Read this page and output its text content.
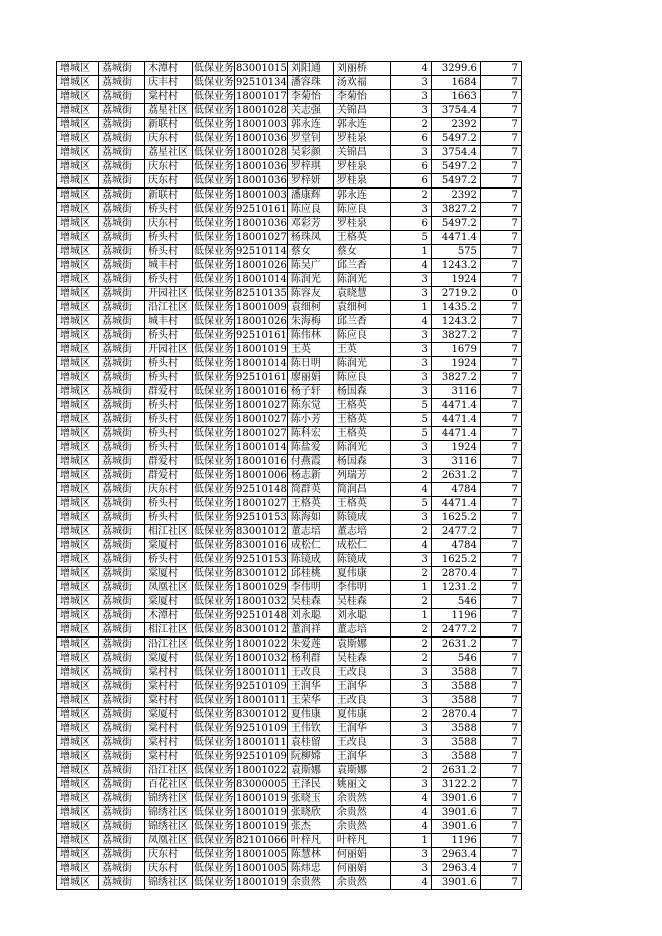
增城区	荔城街	木潭村	低保业务	83001015	刘阳通	刘丽桥	4	3299.6	7
增城区	荔城街	庆丰村	低保业务	92510134	潘容珠	汤欢福	3	1684	7
增城区	荔城街	棠村村	低保业务	18001017	李菊怡	李菊怡	3	1663	7
增城区	荔城街	荔星社区	低保业务	18001028	关志强	关锦昌	3	3754.4	7
增城区	荔城街	新联村	低保业务	18001003	郭永连	郭永连	2	2392	7
增城区	荔城街	庆东村	低保业务	18001036	罗堂钊	罗桂泉	6	5497.2	7
增城区	荔城街	荔星社区	低保业务	18001028	吴彩颜	关锦昌	3	3754.4	7
增城区	荔城街	庆东村	低保业务	18001036	罗梓琪	罗桂泉	6	5497.2	7
增城区	荔城街	庆东村	低保业务	18001036	罗梓妍	罗桂泉	6	5497.2	7
增城区	荔城街	新联村	低保业务	18001003	潘康辉	郭永连	2	2392	7
增城区	荔城街	桥头村	低保业务	92510161	陈应良	陈应良	3	3827.2	7
增城区	荔城街	庆东村	低保业务	18001036	邓彩芳	罗桂泉	6	5497.2	7
增城区	荔城街	桥头村	低保业务	18001027	杨珠凤	王格英	5	4471.4	7
增城区	荔城街	桥头村	低保业务	92510114	蔡女	蔡女	1	575	7
增城区	荔城街	城丰村	低保业务	18001026	陈吴广	邱兰香	4	1243.2	7
增城区	荔城街	桥头村	低保业务	18001014	陈润光	陈润光	3	1924	7
增城区	荔城街	开园社区	低保业务	82510135	陈容友	袁晓慧	3	2719.2	0
增城区	荔城街	沿江社区	低保业务	18001009	袁细柯	袁细柯	1	1435.2	7
增城区	荔城街	城丰村	低保业务	18001026	朱海梅	邱兰香	4	1243.2	7
增城区	荔城街	桥头村	低保业务	92510161	陈伟林	陈应良	3	3827.2	7
增城区	荔城街	开园社区	低保业务	18001019	王英	王英	3	1679	7
增城区	荔城街	桥头村	低保业务	18001014	陈日明	陈润光	3	1924	7
增城区	荔城街	桥头村	低保业务	92510161	廖丽娟	陈应良	3	3827.2	7
增城区	荔城街	群爱村	低保业务	18001016	杨子轩	杨国森	3	3116	7
增城区	荔城街	桥头村	低保业务	18001027	陈东觉	王格英	5	4471.4	7
增城区	荔城街	桥头村	低保业务	18001027	陈小芳	王格英	5	4471.4	7
增城区	荔城街	桥头村	低保业务	18001027	陈科宏	王格英	5	4471.4	7
增城区	荔城街	桥头村	低保业务	18001014	陈盐爱	陈润光	3	1924	7
增城区	荔城街	群爱村	低保业务	18001016	付燕霞	杨国森	3	3116	7
增城区	荔城街	群爱村	低保业务	18001006	杨志新	列瑞芳	2	2631.2	7
增城区	荔城街	庆东村	低保业务	92510148	简群英	简润昌	4	4784	7
增城区	荔城街	桥头村	低保业务	18001027	王格英	王格英	5	4471.4	7
增城区	荔城街	桥头村	低保业务	92510153	陈海如	陈镜成	3	1625.2	7
增城区	荔城街	相江社区	低保业务	83001012	董志培	董志培	2	2477.2	7
增城区	荔城街	棠厦村	低保业务	83001016	成松仁	成松仁	4	4784	7
增城区	荔城街	桥头村	低保业务	92510153	陈镜成	陈镜成	3	1625.2	7
增城区	荔城街	棠厦村	低保业务	83001012	邱桂桃	夏伟康	2	2870.4	7
增城区	荔城街	凤凰社区	低保业务	18001029	李伟明	李伟明	1	1231.2	7
增城区	荔城街	棠厦村	低保业务	18001032	吴桂森	吴桂森	2	546	7
增城区	荔城街	木潭村	低保业务	92510148	刘永聪	刘永聪	1	1196	7
增城区	荔城街	相江社区	低保业务	83001012	董润祥	董志培	2	2477.2	7
增城区	荔城街	沿江社区	低保业务	18001022	朱爱莲	袁斯娜	2	2631.2	7
增城区	荔城街	棠厦村	低保业务	18001032	杨利群	吴桂森	2	546	7
增城区	荔城街	棠村村	低保业务	18001011	王改良	王改良	3	3588	7
增城区	荔城街	棠村村	低保业务	92510109	王润华	王润华	3	3588	7
增城区	荔城街	棠村村	低保业务	18001011	王荣华	王改良	3	3588	7
增城区	荔城街	棠厦村	低保业务	83001012	夏伟康	夏伟康	2	2870.4	7
增城区	荔城街	棠村村	低保业务	92510109	王伟钦	王润华	3	3588	7
增城区	荔城街	棠村村	低保业务	18001011	袁桂留	王改良	3	3588	7
增城区	荔城街	棠村村	低保业务	92510109	阮柳嫦	王润华	3	3588	7
增城区	荔城街	沿江社区	低保业务	18001022	袁斯娜	袁斯娜	2	2631.2	7
增城区	荔城街	百花社区	低保业务	83000005	王泽民	姚丽文	3	3122.2	7
增城区	荔城街	锦绣社区	低保业务	18001019	张晓玉	余贵然	4	3901.6	7
增城区	荔城街	锦绣社区	低保业务	18001019	张晓欣	余贵然	4	3901.6	7
增城区	荔城街	锦绣社区	低保业务	18001019	张杰	余贵然	4	3901.6	7
增城区	荔城街	凤凰社区	低保业务	82101066	叶梓凡	叶梓凡	1	1196	7
增城区	荔城街	庆东村	低保业务	18001005	陈慧林	何丽娟	3	2963.4	7
增城区	荔城街	庆东村	低保业务	18001005	陈炜忠	何丽娟	3	2963.4	7
增城区	荔城街	锦绣社区	低保业务	18001019	余贵然	余贵然	4	3901.6	7
